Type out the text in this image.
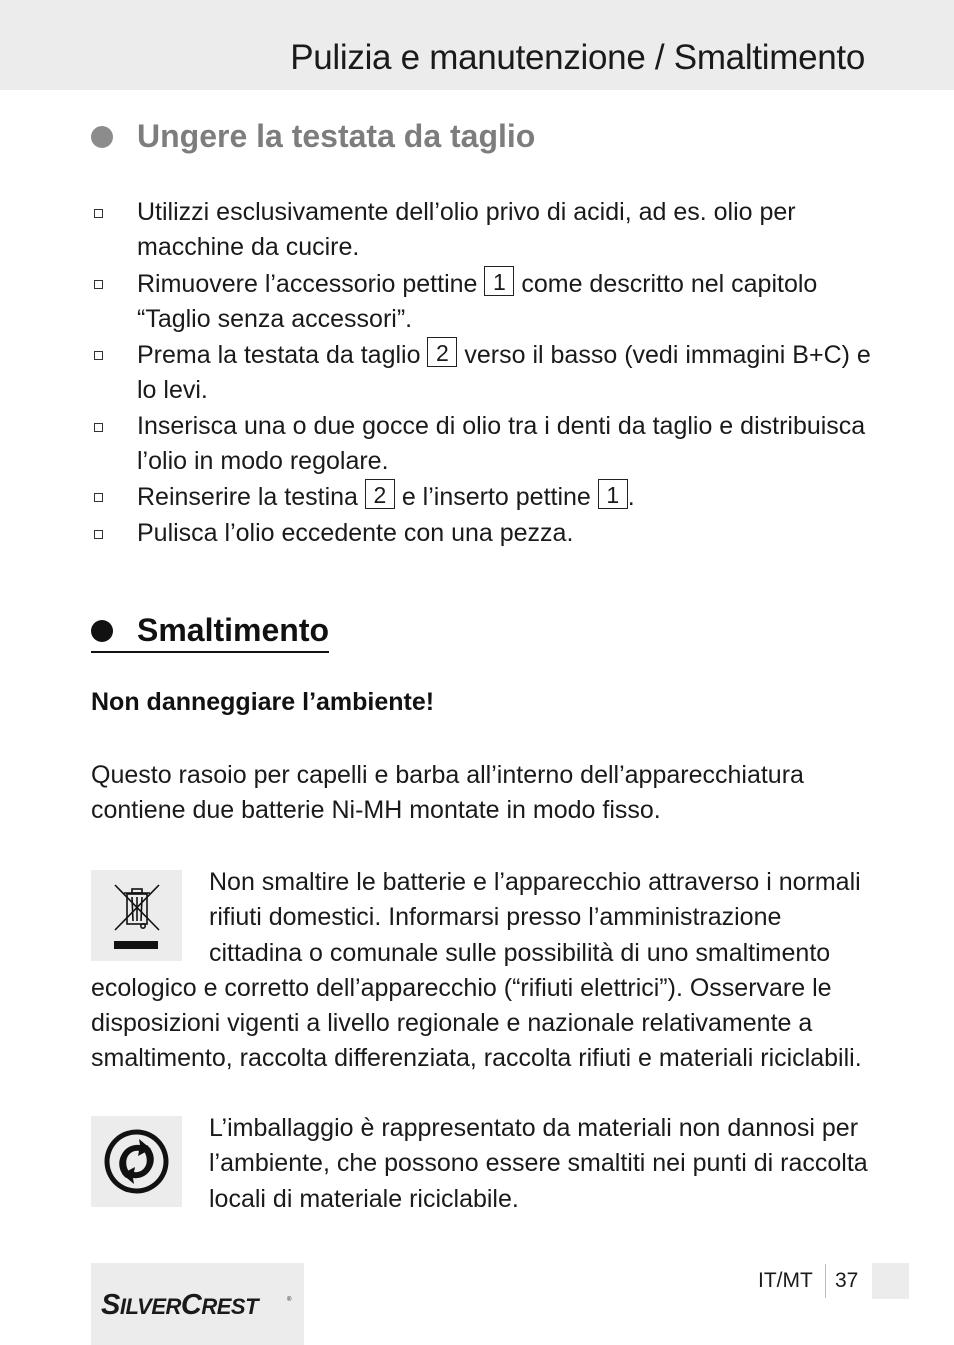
Pulizia e manutenzione / Smaltimento
Ungere la testata da taglio
Utilizzi esclusivamente dell’olio privo di acidi, ad es. olio per macchine da cucire.
Rimuovere l’accessorio pettine 1 come descritto nel capitolo “Taglio senza accessori”.
Prema la testata da taglio 2 verso il basso (vedi immagini B+C) e lo levi.
Inserisca una o due gocce di olio tra i denti da taglio e distribuisca l’olio in modo regolare.
Reinserire la testina 2 e l’inserto pettine 1 .
Pulisca l’olio eccedente con una pezza.
Smaltimento
Non danneggiare l’ambiente!

Questo rasoio per capelli e barba all’interno dell’apparecchiatura contiene due batterie Ni-MH montate in modo fisso.

Non smaltire le batterie e l’apparecchio attraverso i normali rifiuti domestici. Informarsi presso l’amministrazione cittadina o comunale sulle possibilità di uno smaltimento ecologico e corretto dell’apparecchio (“rifiuti elettrici”). Osservare le disposizioni vigenti a livello regionale e nazionale relativamente a smaltimento, raccolta differenziata, raccolta rifiuti e materiali riciclabili.
L’imballaggio è rappresentato da materiali non dannosi per l’ambiente, che possono essere smaltiti nei punti di raccolta locali di materiale riciclabile.
SILVERCREST	®
IT/MT 37
